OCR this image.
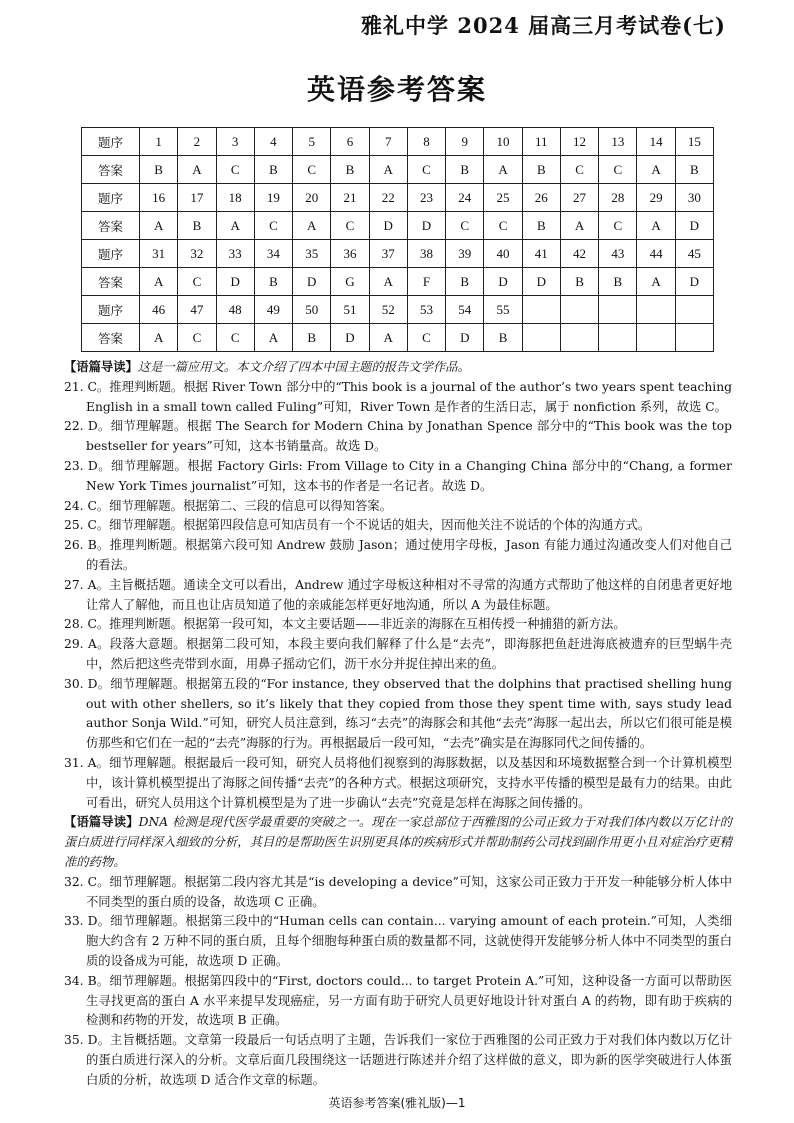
雅礼中学 2024 届高三月考试卷(七)
英语参考答案
题序	1	2	3	4	5	6	7	8	9	10	11	12	13	14	15
答案	B	A	C	B	C	B	A	C	B	A	B	C	C	A	B
题序	16	17	18	19	20	21	22	23	24	25	26	27	28	29	30
答案	A	B	A	C	A	C	D	D	C	C	B	A	C	A	D
题序	31	32	33	34	35	36	37	38	39	40	41	42	43	44	45
答案	A	C	D	B	D	G	A	F	B	D	D	B	B	A	D
题序	46	47	48	49	50	51	52	53	54	55					
答案	A	C	C	A	B	D	A	C	D	B					

【语篇导读】这是一篇应用文。本文介绍了四本中国主题的报告文学作品。

21. C。推理判断题。根据 River Town 部分中的“This book is a journal of the author’s two years spent teaching English in a small town called Fuling”可知，River Town 是作者的生活日志，属于 nonfiction 系列，故选 C。

22. D。细节理解题。根据 The Search for Modern China by Jonathan Spence 部分中的“This book was the top bestseller for years”可知，这本书销量高。故选 D。

23. D。细节理解题。根据 Factory Girls: From Village to City in a Changing China 部分中的“Chang, a former New York Times journalist”可知，这本书的作者是一名记者。故选 D。

24. C。细节理解题。根据第二、三段的信息可以得知答案。

25. C。细节理解题。根据第四段信息可知店员有一个不说话的姐夫，因而他关注不说话的个体的沟通方式。

26. B。推理判断题。根据第六段可知 Andrew 鼓励 Jason；通过使用字母板，Jason 有能力通过沟通改变人们对他自己的看法。

27. A。主旨概括题。通读全文可以看出，Andrew 通过字母板这种相对不寻常的沟通方式帮助了他这样的自闭患者更好地让常人了解他，而且也让店员知道了他的亲戚能怎样更好地沟通，所以 A 为最佳标题。

28. C。推理判断题。根据第一段可知，本文主要话题——非近亲的海豚在互相传授一种捕猎的新方法。

29. A。段落大意题。根据第二段可知，本段主要向我们解释了什么是“去壳”，即海豚把鱼赶进海底被遗弃的巨型蜗牛壳中，然后把这些壳带到水面，用鼻子摇动它们，沥干水分并捉住掉出来的鱼。

30. D。细节理解题。根据第五段的“For instance, they observed that the dolphins that practised shelling hung out with other shellers, so it’s likely that they copied from those they spent time with, says study lead author Sonja Wild.”可知，研究人员注意到，练习“去壳”的海豚会和其他“去壳”海豚一起出去，所以它们很可能是模仿那些和它们在一起的“去壳”海豚的行为。再根据最后一段可知，“去壳”确实是在海豚同代之间传播的。

31. A。细节理解题。根据最后一段可知，研究人员将他们视察到的海豚数据，以及基因和环境数据整合到一个计算机模型中，该计算机模型提出了海豚之间传播“去壳”的各种方式。根据这项研究，支持水平传播的模型是最有力的结果。由此可看出，研究人员用这个计算机模型是为了进一步确认“去壳”究竟是怎样在海豚之间传播的。

【语篇导读】DNA 检测是现代医学最重要的突破之一。现在一家总部位于西雅图的公司正致力于对我们体内数以万亿计的蛋白质进行同样深入细致的分析，其目的是帮助医生识别更具体的疾病形式并帮助制药公司找到副作用更小且对症治疗更精准的药物。

32. C。细节理解题。根据第二段内容尤其是“is developing a device”可知，这家公司正致力于开发一种能够分析人体中不同类型的蛋白质的设备，故选项 C 正确。

33. D。细节理解题。根据第三段中的“Human cells can contain... varying amount of each protein.”可知，人类细胞大约含有 2 万种不同的蛋白质，且每个细胞每种蛋白质的数量都不同，这就使得开发能够分析人体中不同类型的蛋白质的设备成为可能，故选项 D 正确。

34. B。细节理解题。根据第四段中的“First, doctors could... to target Protein A.”可知，这种设备一方面可以帮助医生寻找更高的蛋白 A 水平来提早发现癌症，另一方面有助于研究人员更好地设计针对蛋白 A 的药物，即有助于疾病的检测和药物的开发，故选项 B 正确。

35. D。主旨概括题。文章第一段最后一句话点明了主题，告诉我们一家位于西雅图的公司正致力于对我们体内数以万亿计的蛋白质进行深入的分析。文章后面几段围绕这一话题进行陈述并介绍了这样做的意义，即为新的医学突破进行人体蛋白质的分析，故选项 D 适合作文章的标题。

英语参考答案(雅礼版)—1
